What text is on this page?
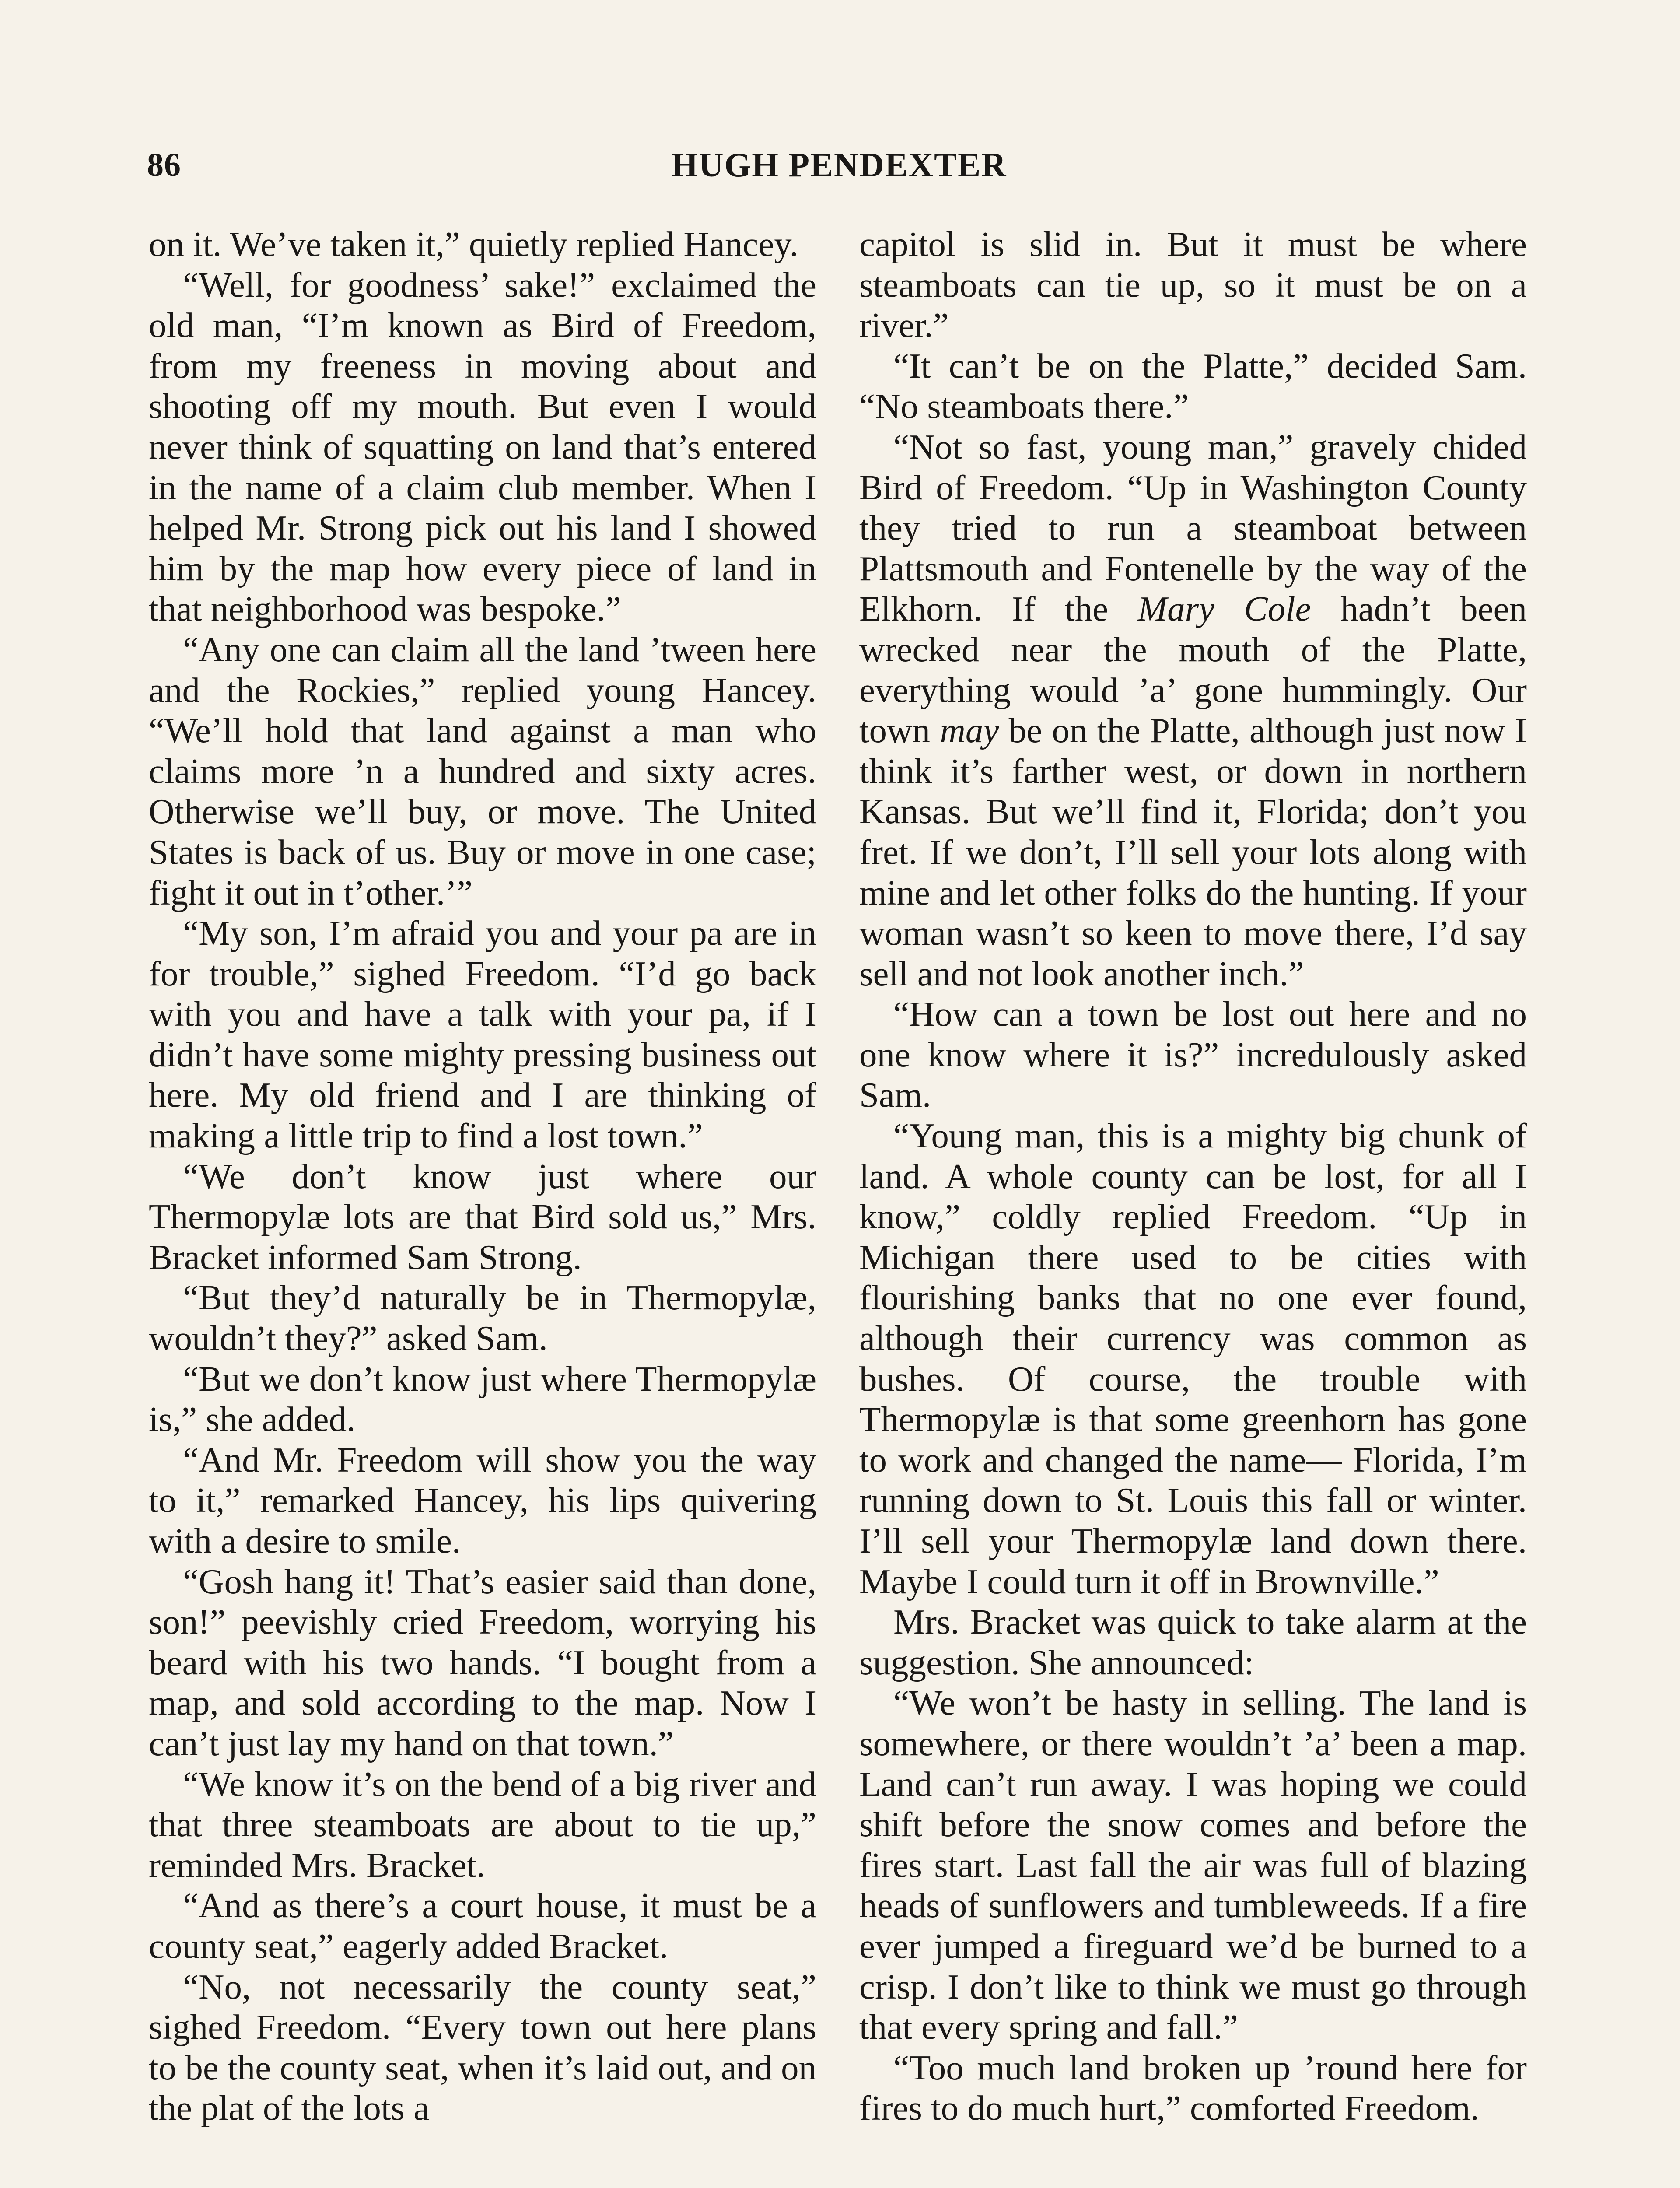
86	HUGH PENDEXTER

on it. We’ve taken it,” quietly replied Hancey.

“Well, for goodness’ sake!” exclaimed the old man, “I’m known as Bird of Freedom, from my freeness in moving about and shooting off my mouth. But even I would never think of squatting on land that’s entered in the name of a claim club member. When I helped Mr. Strong pick out his land I showed him by the map how every piece of land in that neighborhood was bespoke.”

“Any one can claim all the land ’tween here and the Rockies,” replied young Hancey. “We’ll hold that land against a man who claims more ’n a hundred and sixty acres. Otherwise we’ll buy, or move. The United States is back of us. Buy or move in one case; fight it out in t’other.’”

“My son, I’m afraid you and your pa are in for trouble,” sighed Freedom. “I’d go back with you and have a talk with your pa, if I didn’t have some mighty pressing business out here. My old friend and I are thinking of making a little trip to find a lost town.”

“We don’t know just where our Thermopylæ lots are that Bird sold us,” Mrs. Bracket informed Sam Strong.

“But they’d naturally be in Thermopylæ, wouldn’t they?” asked Sam.

“But we don’t know just where Thermopylæ is,” she added.

“And Mr. Freedom will show you the way to it,” remarked Hancey, his lips quivering with a desire to smile.

“Gosh hang it! That’s easier said than done, son!” peevishly cried Freedom, worrying his beard with his two hands. “I bought from a map, and sold according to the map. Now I can’t just lay my hand on that town.”

“We know it’s on the bend of a big river and that three steamboats are about to tie up,” reminded Mrs. Bracket.

“And as there’s a court house, it must be a county seat,” eagerly added Bracket.

“No, not necessarily the county seat,” sighed Freedom. “Every town out here plans to be the county seat, when it’s laid out, and on the plat of the lots a

capitol is slid in. But it must be where steamboats can tie up, so it must be on a river.”

“It can’t be on the Platte,” decided Sam. “No steamboats there.”

“Not so fast, young man,” gravely chided Bird of Freedom. “Up in Washington County they tried to run a steamboat between Plattsmouth and Fontenelle by the way of the Elkhorn. If the Mary Cole hadn’t been wrecked near the mouth of the Platte, everything would ’a’ gone hummingly. Our town may be on the Platte, although just now I think it’s farther west, or down in northern Kansas. But we’ll find it, Florida; don’t you fret. If we don’t, I’ll sell your lots along with mine and let other folks do the hunting. If your woman wasn’t so keen to move there, I’d say sell and not look another inch.”

“How can a town be lost out here and no one know where it is?” incredulously asked Sam.

“Young man, this is a mighty big chunk of land. A whole county can be lost, for all I know,” coldly replied Freedom. “Up in Michigan there used to be cities with flourishing banks that no one ever found, although their currency was common as bushes. Of course, the trouble with Thermopylæ is that some greenhorn has gone to work and changed the name— Florida, I’m running down to St. Louis this fall or winter. I’ll sell your Thermopylæ land down there. Maybe I could turn it off in Brownville.”

Mrs. Bracket was quick to take alarm at the suggestion. She announced:

“We won’t be hasty in selling. The land is somewhere, or there wouldn’t ’a’ been a map. Land can’t run away. I was hoping we could shift before the snow comes and before the fires start. Last fall the air was full of blazing heads of sunflowers and tumbleweeds. If a fire ever jumped a fireguard we’d be burned to a crisp. I don’t like to think we must go through that every spring and fall.”

“Too much land broken up ’round here for fires to do much hurt,” comforted Freedom.
